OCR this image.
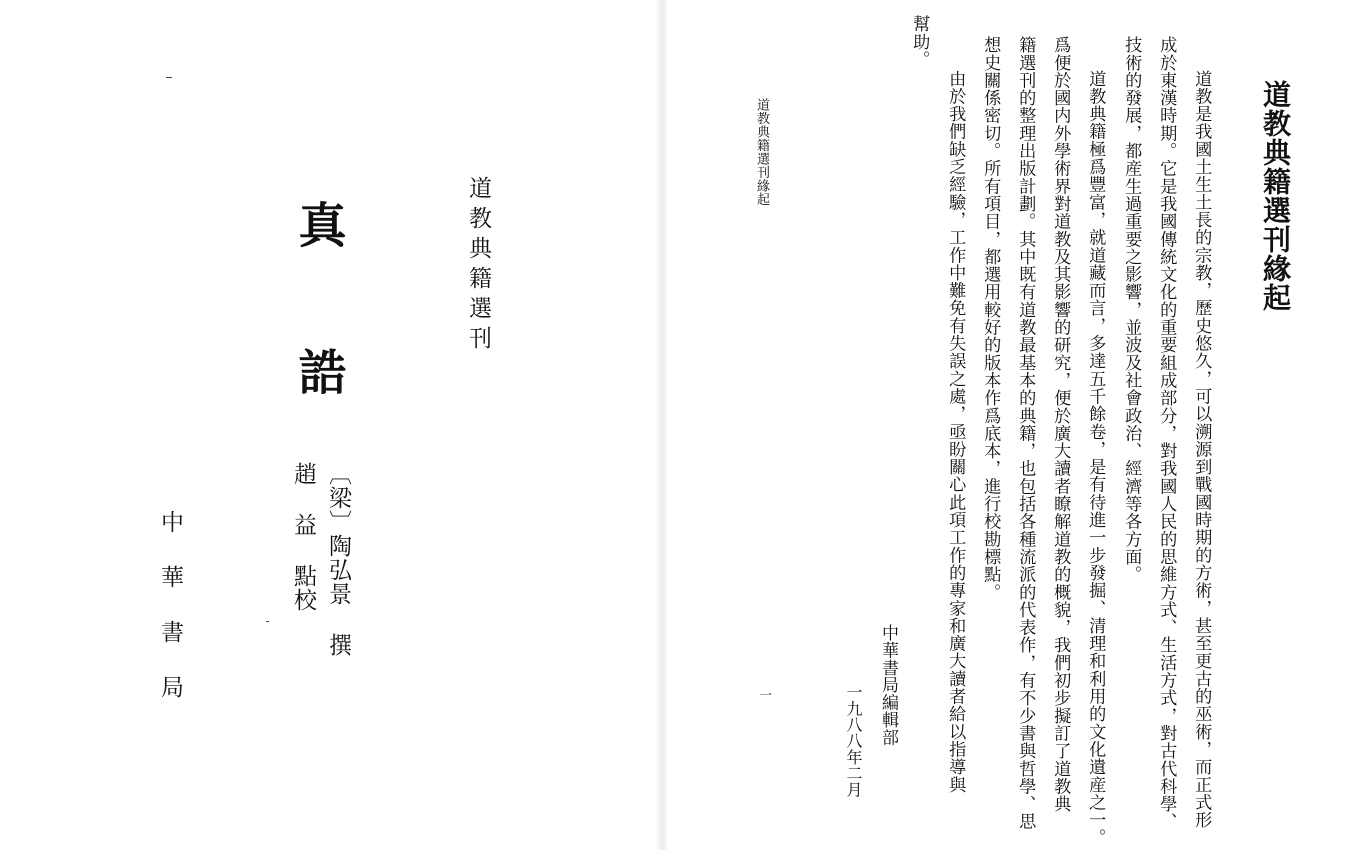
道教典籍選刊
真誥
〔梁〕陶弘景 撰
趙 益 點校
中華書局
道教典籍選刊緣起
　道教是我國土生土長的宗教，歷史悠久，可以溯源到戰國時期的方術，甚至更古的巫術，而正式形
成於東漢時期。它是我國傳統文化的重要組成部分，對我國人民的思維方式、生活方式，對古代科學、
技術的發展，都産生過重要之影響，並波及社會政治、經濟等各方面。
　道教典籍極爲豐富，就道藏而言，多達五千餘卷，是有待進一步發掘、清理和利用的文化遺産之一。
爲便於國内外學術界對道教及其影響的研究，便於廣大讀者瞭解道教的概貌，我們初步擬訂了道教典
籍選刊的整理出版計劃。其中既有道教最基本的典籍，也包括各種流派的代表作，有不少書與哲學、思
想史關係密切。所有項目，都選用較好的版本作爲底本，進行校勘標點。
　由於我們缺乏經驗，工作中難免有失誤之處，亟盼關心此項工作的專家和廣大讀者給以指導與
幫助。
中華書局編輯部
一九八八年二月
道教典籍選刊緣起
一
